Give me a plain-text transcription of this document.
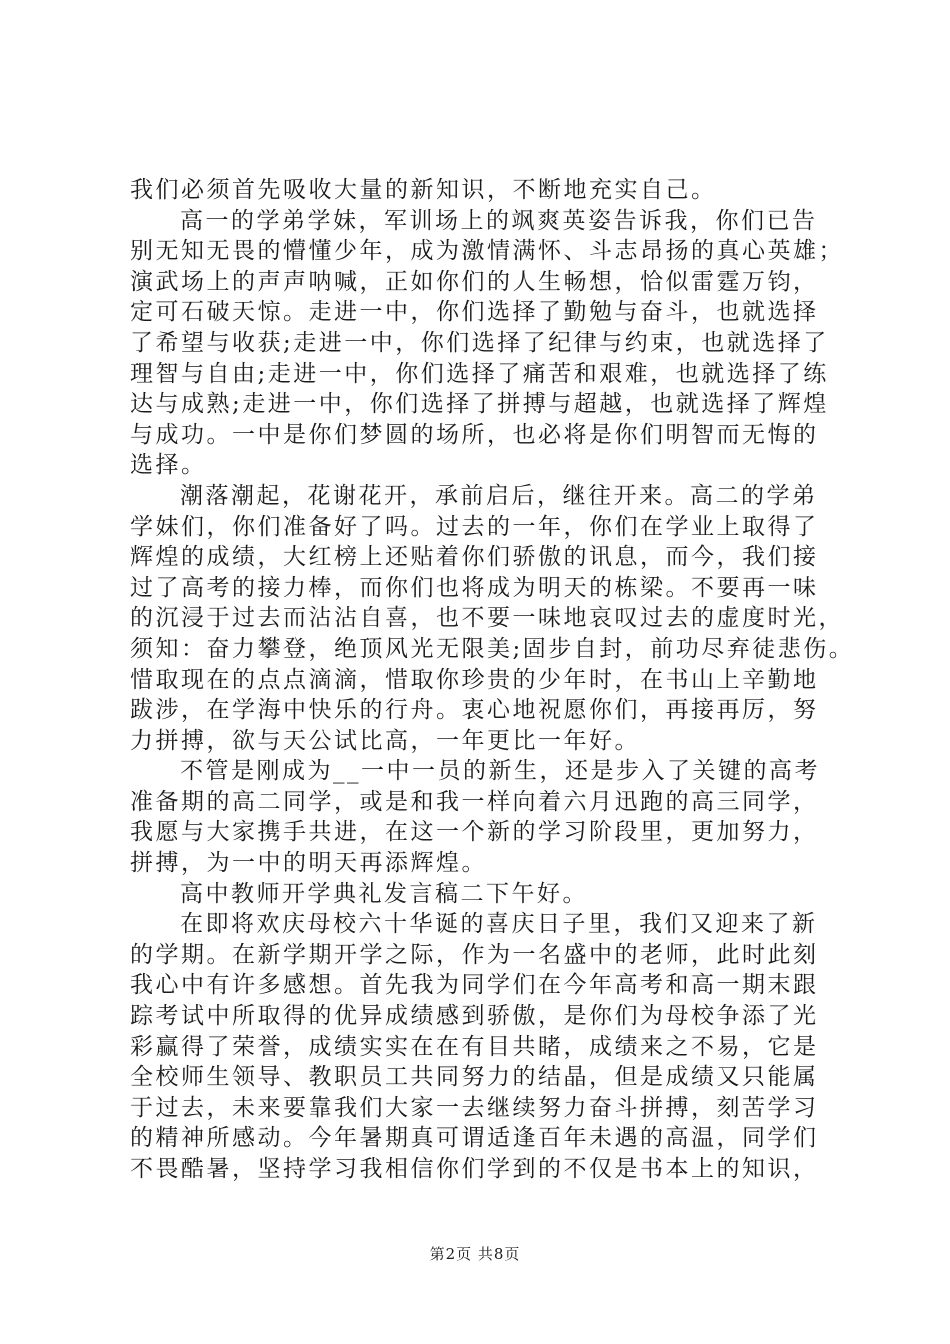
我们必须首先吸收大量的新知识，不断地充实自己。
高一的学弟学妹，军训场上的飒爽英姿告诉我，你们已告
别无知无畏的懵懂少年，成为激情满怀、斗志昂扬的真心英雄；
演武场上的声声呐喊，正如你们的人生畅想，恰似雷霆万钧，
定可石破天惊。走进一中，你们选择了勤勉与奋斗，也就选择
了希望与收获;走进一中，你们选择了纪律与约束，也就选择了
理智与自由;走进一中，你们选择了痛苦和艰难，也就选择了练
达与成熟;走进一中，你们选择了拼搏与超越，也就选择了辉煌
与成功。一中是你们梦圆的场所，也必将是你们明智而无悔的
选择。
潮落潮起，花谢花开，承前启后，继往开来。高二的学弟
学妹们，你们准备好了吗。过去的一年，你们在学业上取得了
辉煌的成绩，大红榜上还贴着你们骄傲的讯息，而今，我们接
过了高考的接力棒，而你们也将成为明天的栋梁。不要再一味
的沉浸于过去而沾沾自喜，也不要一味地哀叹过去的虚度时光，
须知：奋力攀登，绝顶风光无限美;固步自封，前功尽弃徒悲伤。
惜取现在的点点滴滴，惜取你珍贵的少年时，在书山上辛勤地
跋涉，在学海中快乐的行舟。衷心地祝愿你们，再接再厉，努
力拼搏，欲与天公试比高，一年更比一年好。
不管是刚成为__一中一员的新生，还是步入了关键的高考
准备期的高二同学，或是和我一样向着六月迅跑的高三同学，
我愿与大家携手共进，在这一个新的学习阶段里，更加努力，
拼搏，为一中的明天再添辉煌。
高中教师开学典礼发言稿二下午好。
在即将欢庆母校六十华诞的喜庆日子里，我们又迎来了新
的学期。在新学期开学之际，作为一名盛中的老师，此时此刻
我心中有许多感想。首先我为同学们在今年高考和高一期末跟
踪考试中所取得的优异成绩感到骄傲，是你们为母校争添了光
彩赢得了荣誉，成绩实实在在有目共睹，成绩来之不易，它是
全校师生领导、教职员工共同努力的结晶，但是成绩又只能属
于过去，未来要靠我们大家一去继续努力奋斗拼搏，刻苦学习
的精神所感动。今年暑期真可谓适逢百年未遇的高温，同学们
不畏酷暑，坚持学习我相信你们学到的不仅是书本上的知识，
第2页 共8页
